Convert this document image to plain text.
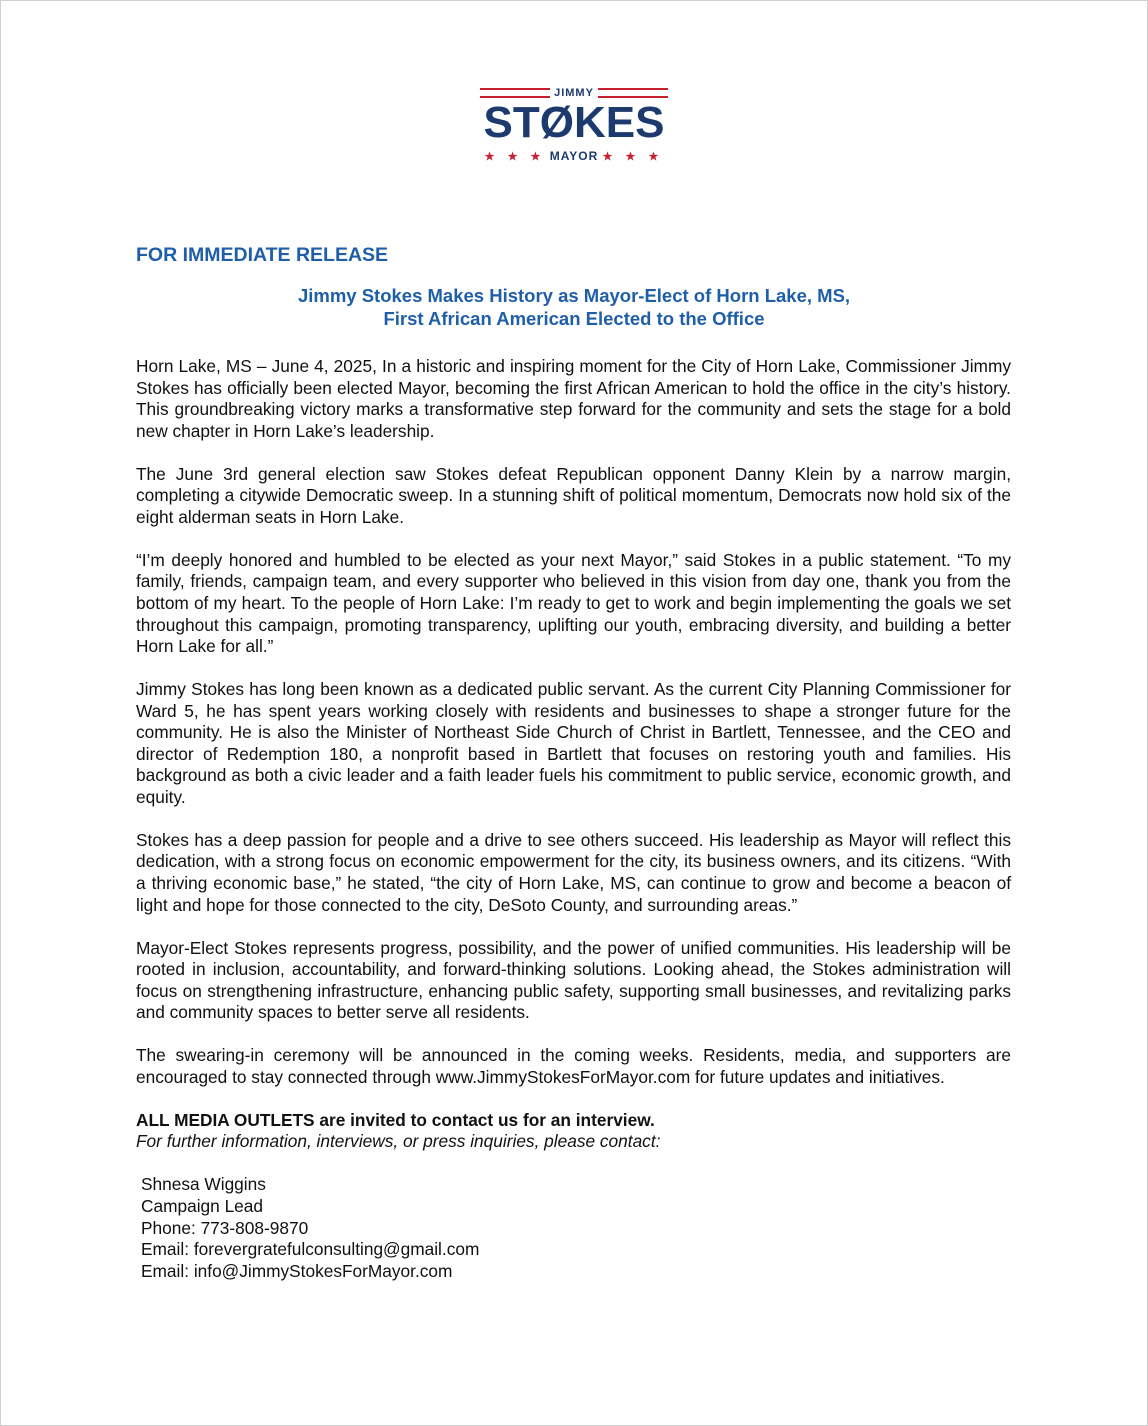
JIMMY
STØKES
★ ★ ★ MAYOR ★ ★ ★
FOR IMMEDIATE RELEASE
Jimmy Stokes Makes History as Mayor-Elect of Horn Lake, MS,
First African American Elected to the Office

Horn Lake, MS – June 4, 2025, In a historic and inspiring moment for the City of Horn Lake, Commissioner Jimmy Stokes has officially been elected Mayor, becoming the first African American to hold the office in the city’s history. This groundbreaking victory marks a transformative step forward for the community and sets the stage for a bold new chapter in Horn Lake’s leadership.

The June 3rd general election saw Stokes defeat Republican opponent Danny Klein by a narrow margin, completing a citywide Democratic sweep. In a stunning shift of political momentum, Democrats now hold six of the eight alderman seats in Horn Lake.

“I’m deeply honored and humbled to be elected as your next Mayor,” said Stokes in a public statement. “To my family, friends, campaign team, and every supporter who believed in this vision from day one, thank you from the bottom of my heart. To the people of Horn Lake: I’m ready to get to work and begin implementing the goals we set throughout this campaign, promoting transparency, uplifting our youth, embracing diversity, and building a better Horn Lake for all.”

Jimmy Stokes has long been known as a dedicated public servant. As the current City Planning Commissioner for Ward 5, he has spent years working closely with residents and businesses to shape a stronger future for the community. He is also the Minister of Northeast Side Church of Christ in Bartlett, Tennessee, and the CEO and director of Redemption 180, a nonprofit based in Bartlett that focuses on restoring youth and families. His background as both a civic leader and a faith leader fuels his commitment to public service, economic growth, and equity.

Stokes has a deep passion for people and a drive to see others succeed. His leadership as Mayor will reflect this dedication, with a strong focus on economic empowerment for the city, its business owners, and its citizens. “With a thriving economic base,” he stated, “the city of Horn Lake, MS, can continue to grow and become a beacon of light and hope for those connected to the city, DeSoto County, and surrounding areas.”

Mayor-Elect Stokes represents progress, possibility, and the power of unified communities. His leadership will be rooted in inclusion, accountability, and forward-thinking solutions. Looking ahead, the Stokes administration will focus on strengthening infrastructure, enhancing public safety, supporting small businesses, and revitalizing parks and community spaces to better serve all residents.

The swearing-in ceremony will be announced in the coming weeks. Residents, media, and supporters are encouraged to stay connected through www.JimmyStokesForMayor.com for future updates and initiatives.

ALL MEDIA OUTLETS are invited to contact us for an interview.

For further information, interviews, or press inquiries, please contact:

Shnesa Wiggins
Campaign Lead
Phone: 773-808-9870
Email: forevergratefulconsulting@gmail.com
Email: info@JimmyStokesForMayor.com
